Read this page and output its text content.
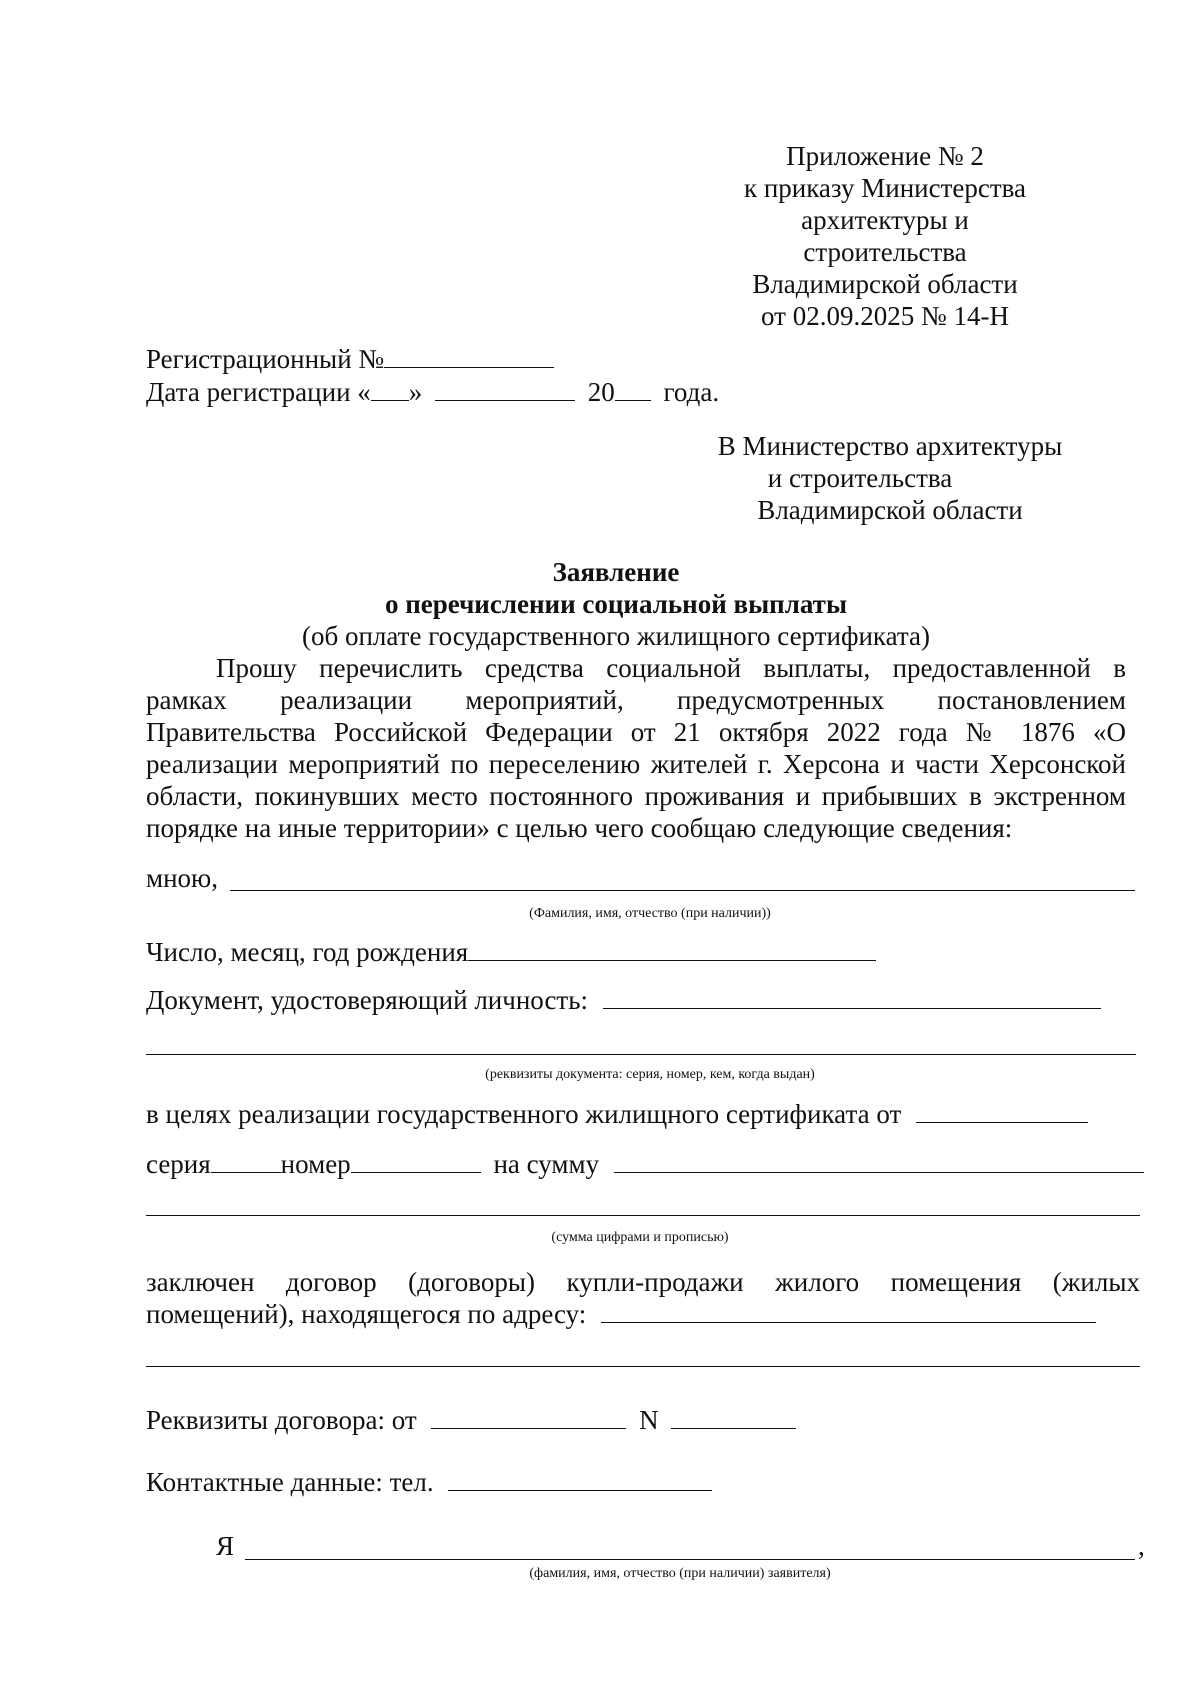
Приложение № 2
к приказу Министерства
архитектуры и строительства
Владимирской области
от 02.09.2025 № 14-Н
Регистрационный №
Дата регистрации « »	20 года.
В Министерство архитектуры
и строительства
Владимирской области
Заявление
о перечислении социальной выплаты
(об оплате государственного жилищного сертификата)
Прошу перечислить средства социальной выплаты, предоставленной в
рамках реализации мероприятий, предусмотренных постановлением
Правительства Российской Федерации от 21 октября 2022 года № 1876 «О
реализации мероприятий по переселению жителей г. Херсона и части Херсонской
области, покинувших место постоянного проживания и прибывших в экстренном
порядке на иные территории» с целью чего сообщаю следующие сведения:
мною,
(Фамилия, имя, отчество (при наличии))
Число, месяц, год рождения
Документ, удостоверяющий личность:
(реквизиты документа: серия, номер, кем, когда выдан)
в целях реализации государственного жилищного сертификата от
серия	номер	на сумму
(сумма цифрами и прописью)
заключен договор (договоры) купли-продажи жилого помещения (жилых
помещений), находящегося по адресу:
Реквизиты договора: от	N
Контактные данные: тел.
Я	,
(фамилия, имя, отчество (при наличии) заявителя)
